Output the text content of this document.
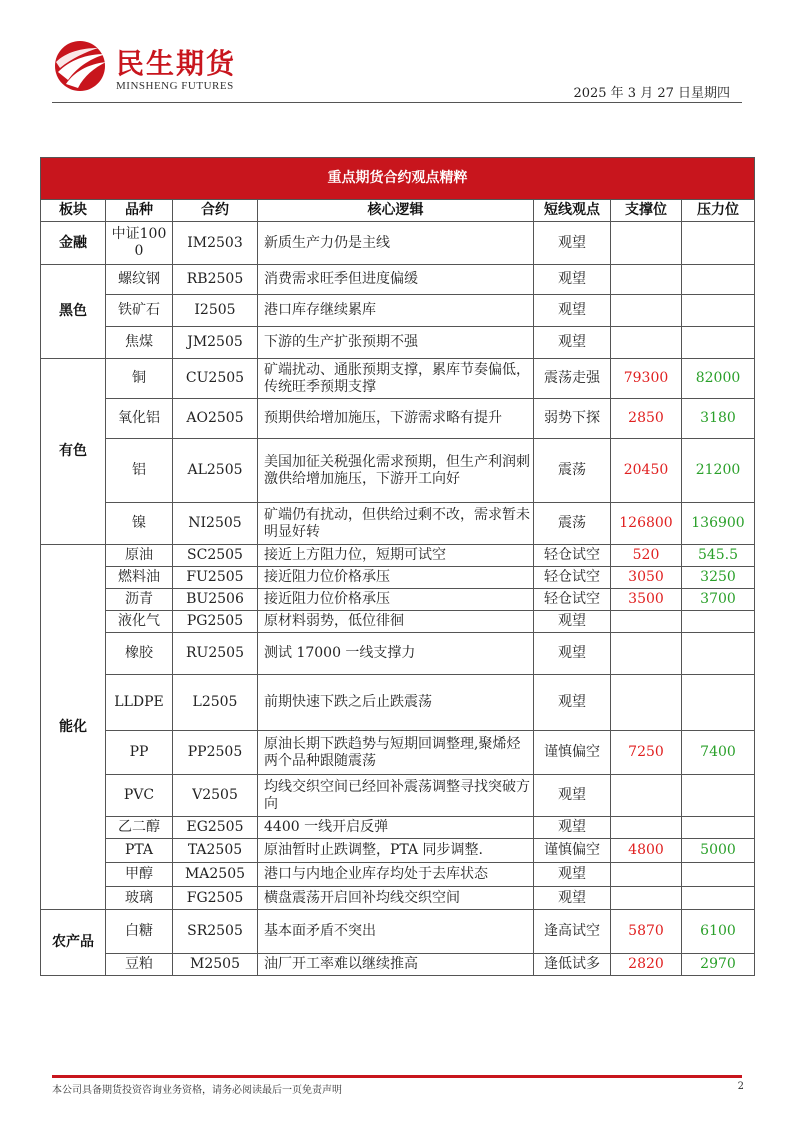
民生期货
MINSHENG FUTURES	2025 年 3 月 27 日星期四
重点期货合约观点精粹						
板块	品种	合约	核心逻辑	短线观点	支撑位	压力位
金融	中证1000	IM2503	新质生产力仍是主线	观望		
黑色	螺纹钢	RB2505	消费需求旺季但进度偏缓	观望		
	铁矿石	I2505	港口库存继续累库	观望		
	焦煤	JM2505	下游的生产扩张预期不强	观望		
有色	铜	CU2505	矿端扰动、通胀预期支撑，累库节奏偏低，传统旺季预期支撑	震荡走强	79300	82000
	氧化铝	AO2505	预期供给增加施压，下游需求略有提升	弱势下探	2850	3180
	铝	AL2505	美国加征关税强化需求预期，但生产利润刺激供给增加施压，下游开工向好	震荡	20450	21200
	镍	NI2505	矿端仍有扰动，但供给过剩不改，需求暂未明显好转	震荡	126800	136900
能化	原油	SC2505	接近上方阻力位，短期可试空	轻仓试空	520	545.5
	燃料油	FU2505	接近阻力位价格承压	轻仓试空	3050	3250
	沥青	BU2506	接近阻力位价格承压	轻仓试空	3500	3700
	液化气	PG2505	原材料弱势，低位徘徊	观望		
	橡胶	RU2505	测试 17000 一线支撑力	观望		
	LLDPE	L2505	前期快速下跌之后止跌震荡	观望		
	PP	PP2505	原油长期下跌趋势与短期回调整理,聚烯烃两个品种跟随震荡	谨慎偏空	7250	7400
	PVC	V2505	均线交织空间已经回补震荡调整寻找突破方向	观望		
	乙二醇	EG2505	4400 一线开启反弹	观望		
	PTA	TA2505	原油暂时止跌调整，PTA 同步调整.	谨慎偏空	4800	5000
	甲醇	MA2505	港口与内地企业库存均处于去库状态	观望		
	玻璃	FG2505	横盘震荡开启回补均线交织空间	观望		
农产品	白糖	SR2505	基本面矛盾不突出	逢高试空	5870	6100
	豆粕	M2505	油厂开工率难以继续推高	逢低试多	2820	2970
本公司具备期货投资咨询业务资格，请务必阅读最后一页免责声明	2
